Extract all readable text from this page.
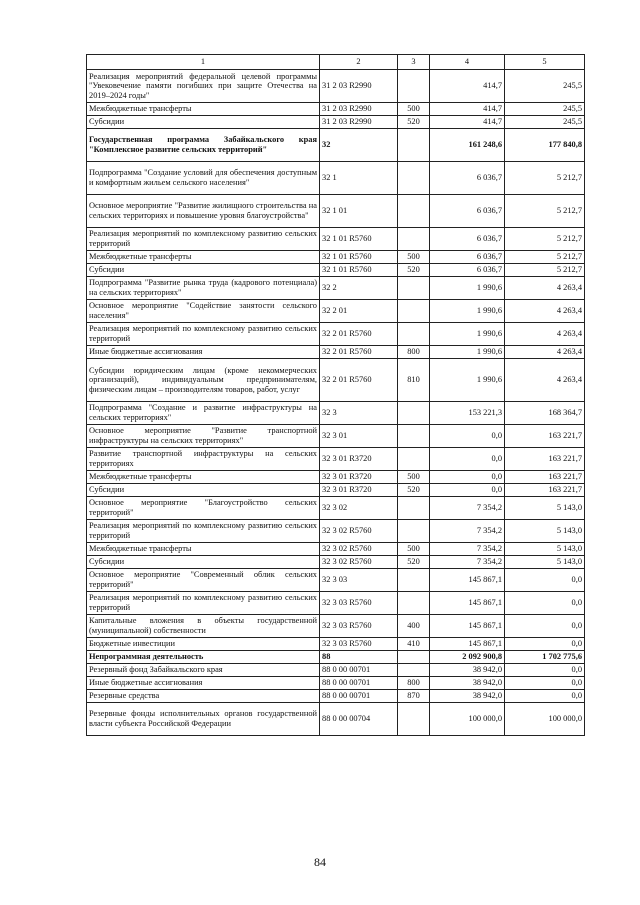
1	2	3	4	5
Реализация мероприятий федеральной целевой программы "Увековечение памяти погибших при защите Отечества на 2019–2024 годы"	31 2 03 R2990		414,7	245,5
Межбюджетные трансферты	31 2 03 R2990	500	414,7	245,5
Субсидии	31 2 03 R2990	520	414,7	245,5
Государственная программа Забайкальского края "Комплексное развитие сельских территорий"	32		161 248,6	177 840,8
Подпрограмма "Создание условий для обеспечения доступным и комфортным жильем сельского населения"	32 1		6 036,7	5 212,7
Основное мероприятие "Развитие жилищного строительства на сельских территориях и повышение уровня благоустройства"	32 1 01		6 036,7	5 212,7
Реализация мероприятий по комплексному развитию сельских территорий	32 1 01 R5760		6 036,7	5 212,7
Межбюджетные трансферты	32 1 01 R5760	500	6 036,7	5 212,7
Субсидии	32 1 01 R5760	520	6 036,7	5 212,7
Подпрограмма "Развитие рынка труда (кадрового потенциала) на сельских территориях"	32 2		1 990,6	4 263,4
Основное мероприятие "Содействие занятости сельского населения"	32 2 01		1 990,6	4 263,4
Реализация мероприятий по комплексному развитию сельских территорий	32 2 01 R5760		1 990,6	4 263,4
Иные бюджетные ассигнования	32 2 01 R5760	800	1 990,6	4 263,4
Субсидии юридическим лицам (кроме некоммерческих организаций), индивидуальным предпринимателям, физическим лицам – производителям товаров, работ, услуг	32 2 01 R5760	810	1 990,6	4 263,4
Подпрограмма "Создание и развитие инфраструктуры на сельских территориях"	32 3		153 221,3	168 364,7
Основное мероприятие "Развитие транспортной инфраструктуры на сельских территориях"	32 3 01		0,0	163 221,7
Развитие транспортной инфраструктуры на сельских территориях	32 3 01 R3720		0,0	163 221,7
Межбюджетные трансферты	32 3 01 R3720	500	0,0	163 221,7
Субсидии	32 3 01 R3720	520	0,0	163 221,7
Основное мероприятие "Благоустройство сельских территорий"	32 3 02		7 354,2	5 143,0
Реализация мероприятий по комплексному развитию сельских территорий	32 3 02 R5760		7 354,2	5 143,0
Межбюджетные трансферты	32 3 02 R5760	500	7 354,2	5 143,0
Субсидии	32 3 02 R5760	520	7 354,2	5 143,0
Основное мероприятие "Современный облик сельских территорий"	32 3 03		145 867,1	0,0
Реализация мероприятий по комплексному развитию сельских территорий	32 3 03 R5760		145 867,1	0,0
Капитальные вложения в объекты государственной (муниципальной) собственности	32 3 03 R5760	400	145 867,1	0,0
Бюджетные инвестиции	32 3 03 R5760	410	145 867,1	0,0
Непрограммная деятельность	88		2 092 900,8	1 702 775,6
Резервный фонд Забайкальского края	88 0 00 00701		38 942,0	0,0
Иные бюджетные ассигнования	88 0 00 00701	800	38 942,0	0,0
Резервные средства	88 0 00 00701	870	38 942,0	0,0
Резервные фонды исполнительных органов государственной власти субъекта Российской Федерации	88 0 00 00704		100 000,0	100 000,0
84
